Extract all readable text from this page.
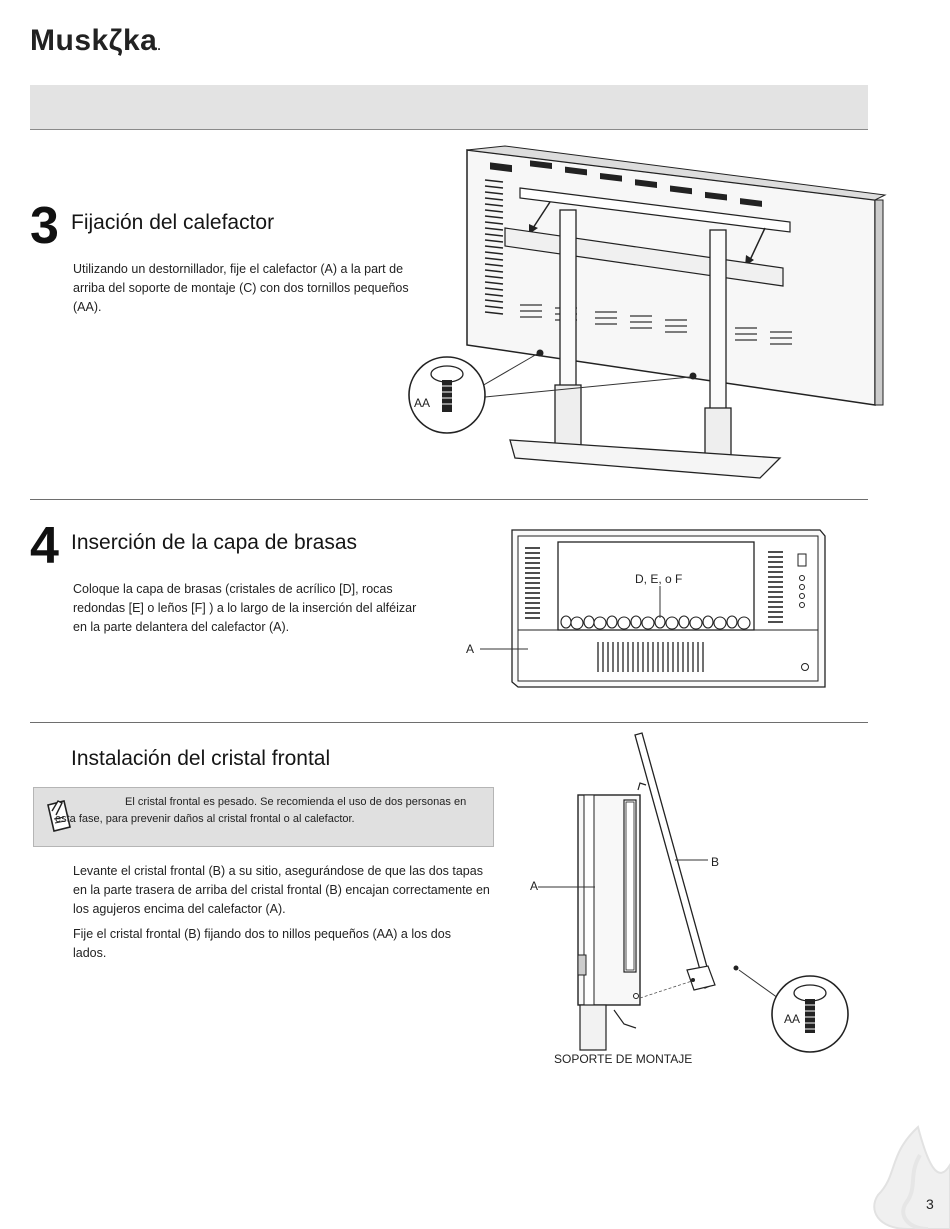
Muskζka.
3 Fijación del calefactor
Utilizando un destornillador, fije el calefactor (A) a la part de arriba del soporte de montaje (C) con dos tornillos pequeños (AA).
AA
4 Inserción de la capa de brasas
Coloque la capa de brasas (cristales de acrílico [D], rocas redondas [E] o leños [F] ) a lo largo de la inserción del alféizar en la parte delantera del calefactor (A).
D, E, o F
A
Instalación del cristal frontal
El cristal frontal es pesado. Se recomienda el uso de dos personas en esta fase, para prevenir daños al cristal frontal o al calefactor.
Levante el cristal frontal (B) a su sitio, asegurándose de que las dos tapas en la parte trasera de arriba del cristal frontal (B) encajan correctamente en los agujeros encima del calefactor (A).
Fije el cristal frontal (B) fijando dos to nillos pequeños (AA) a los dos lados.
A
B
AA
SOPORTE DE MONTAJE
3
